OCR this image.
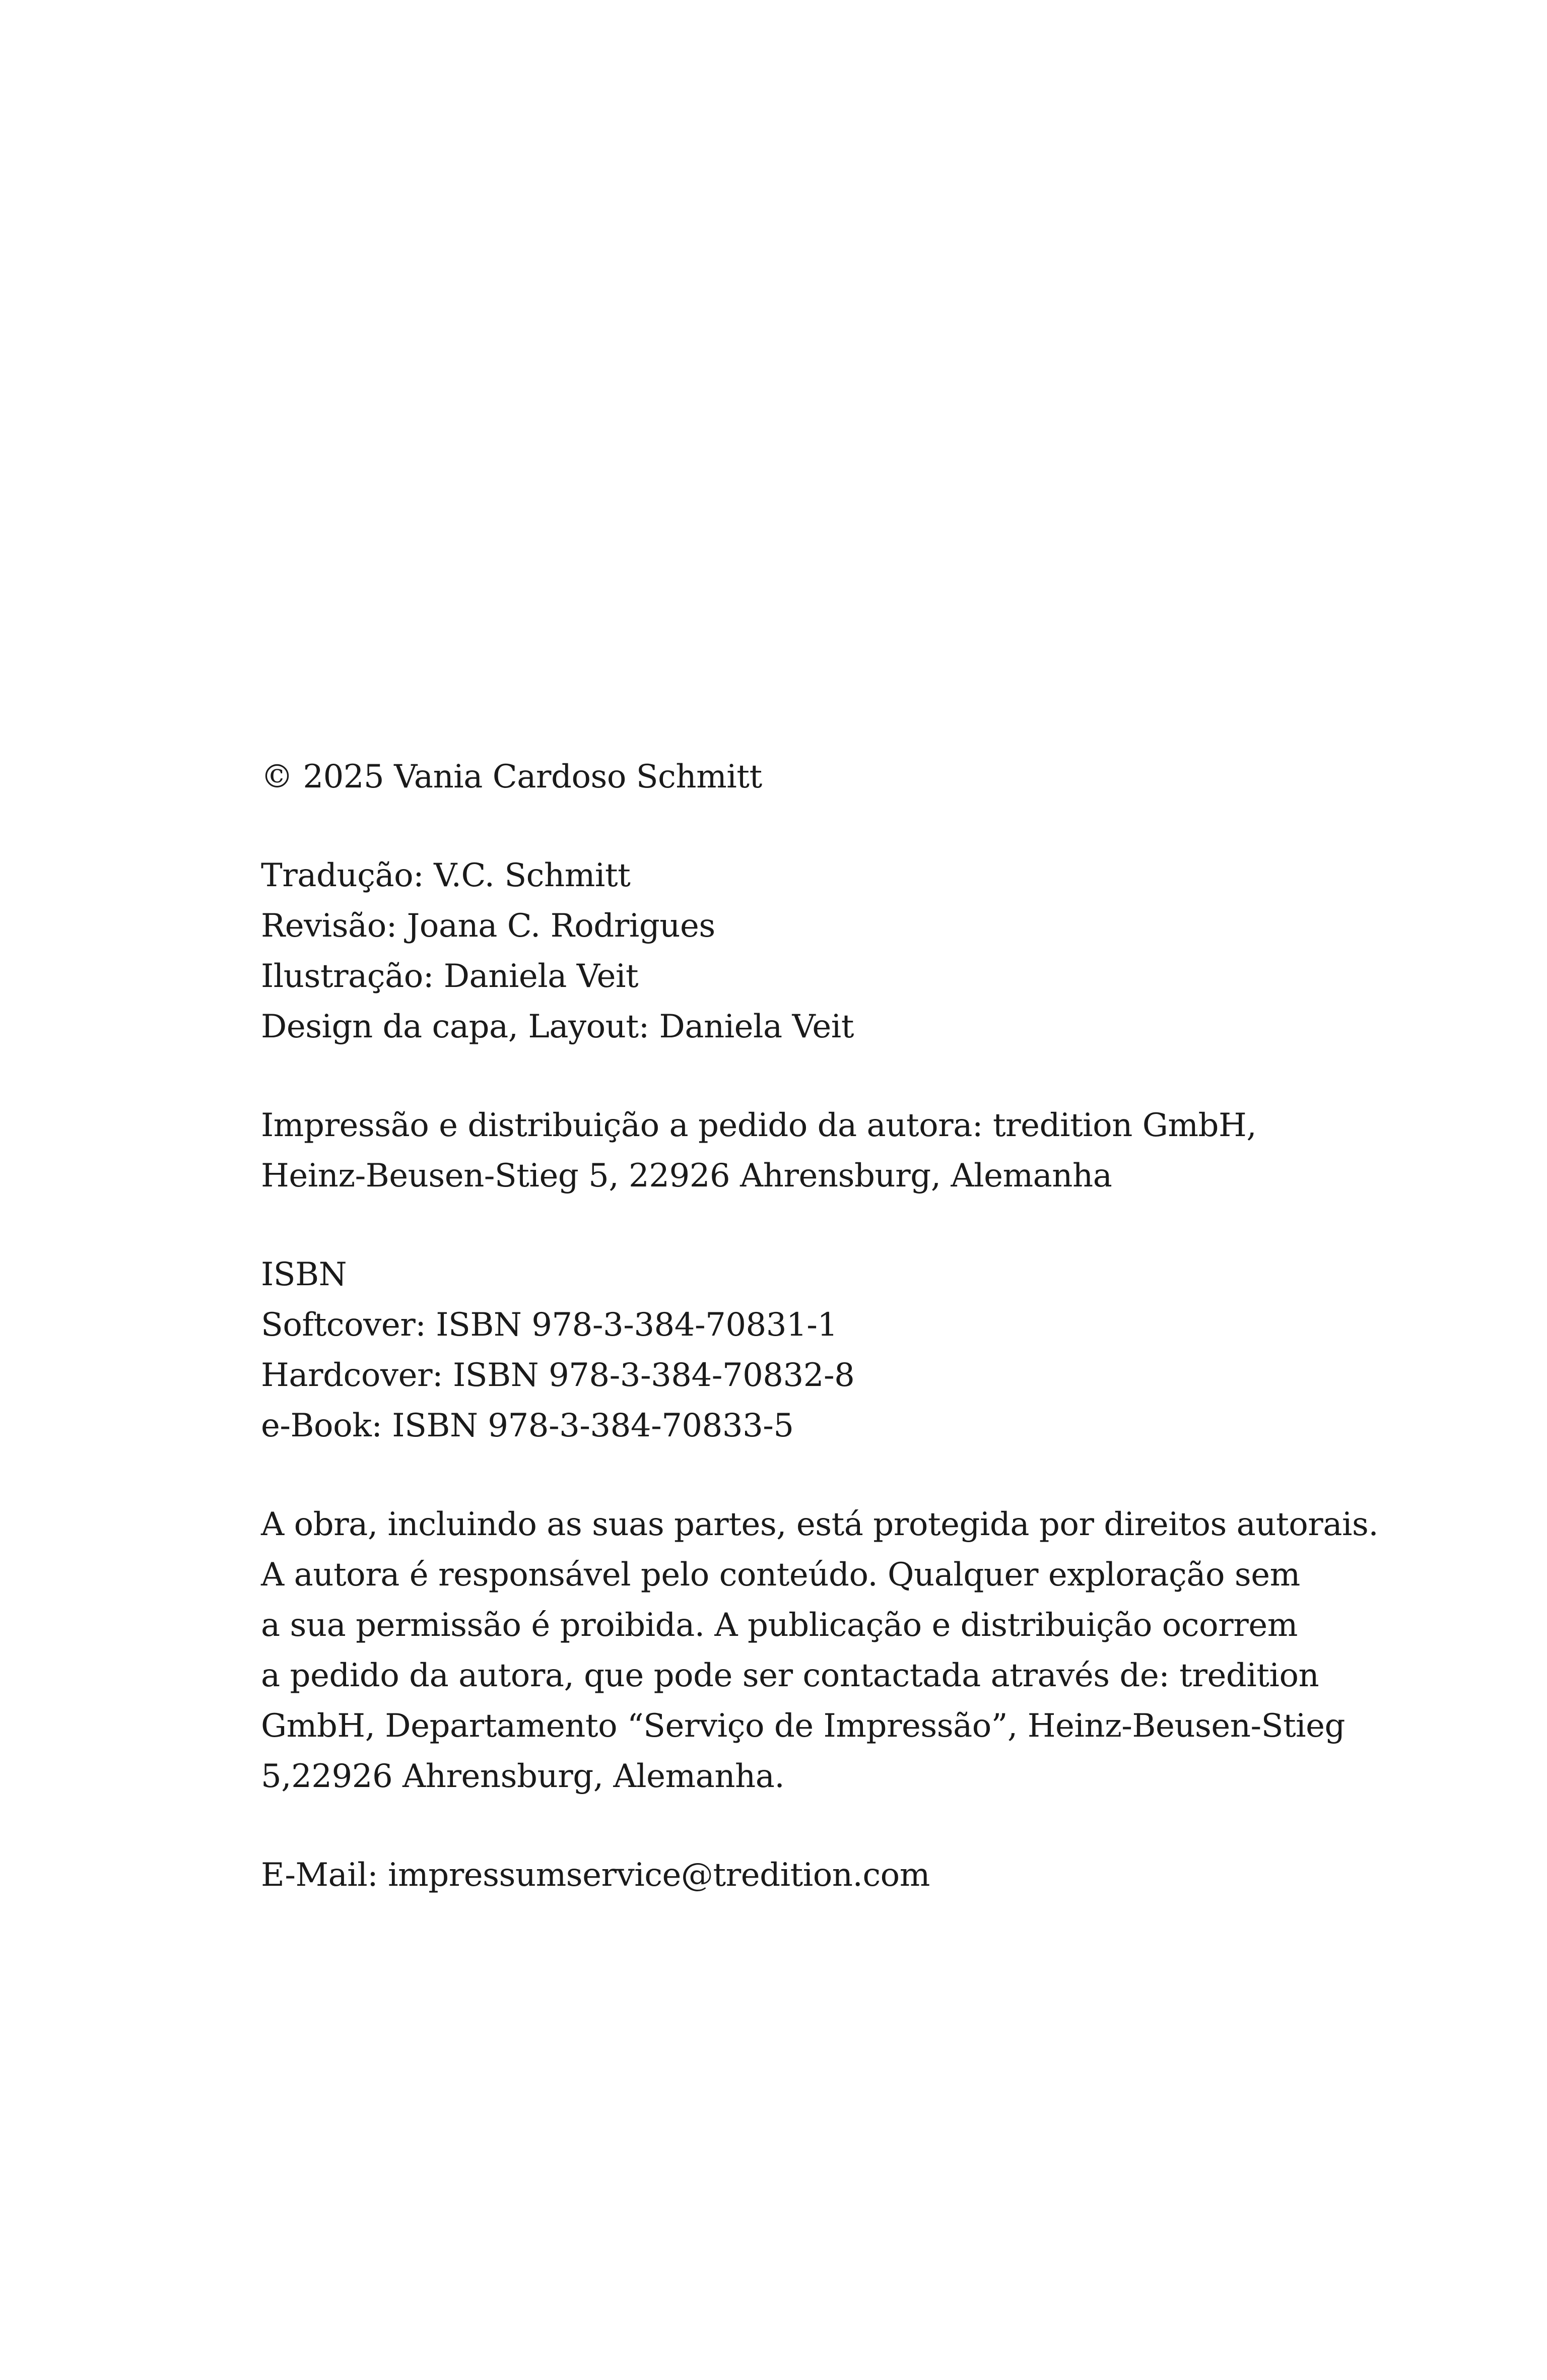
© 2025 Vania Cardoso Schmitt
Tradução: V.C. Schmitt
Revisão: Joana C. Rodrigues
Ilustração: Daniela Veit
Design da capa, Layout: Daniela Veit
Impressão e distribuição a pedido da autora: tredition GmbH,
Heinz-Beusen-Stieg 5, 22926 Ahrensburg, Alemanha
ISBN
Softcover: ISBN 978-3-384-70831-1
Hardcover: ISBN 978-3-384-70832-8
e-Book: ISBN 978-3-384-70833-5
A obra, incluindo as suas partes, está protegida por direitos autorais.
A autora é responsável pelo conteúdo. Qualquer exploração sem
a sua permissão é proibida. A publicação e distribuição ocorrem
a pedido da autora, que pode ser contactada através de: tredition
GmbH, Departamento “Serviço de Impressão”, Heinz-Beusen-Stieg
5,22926 Ahrensburg, Alemanha.
E-Mail: impressumservice@tredition.com
